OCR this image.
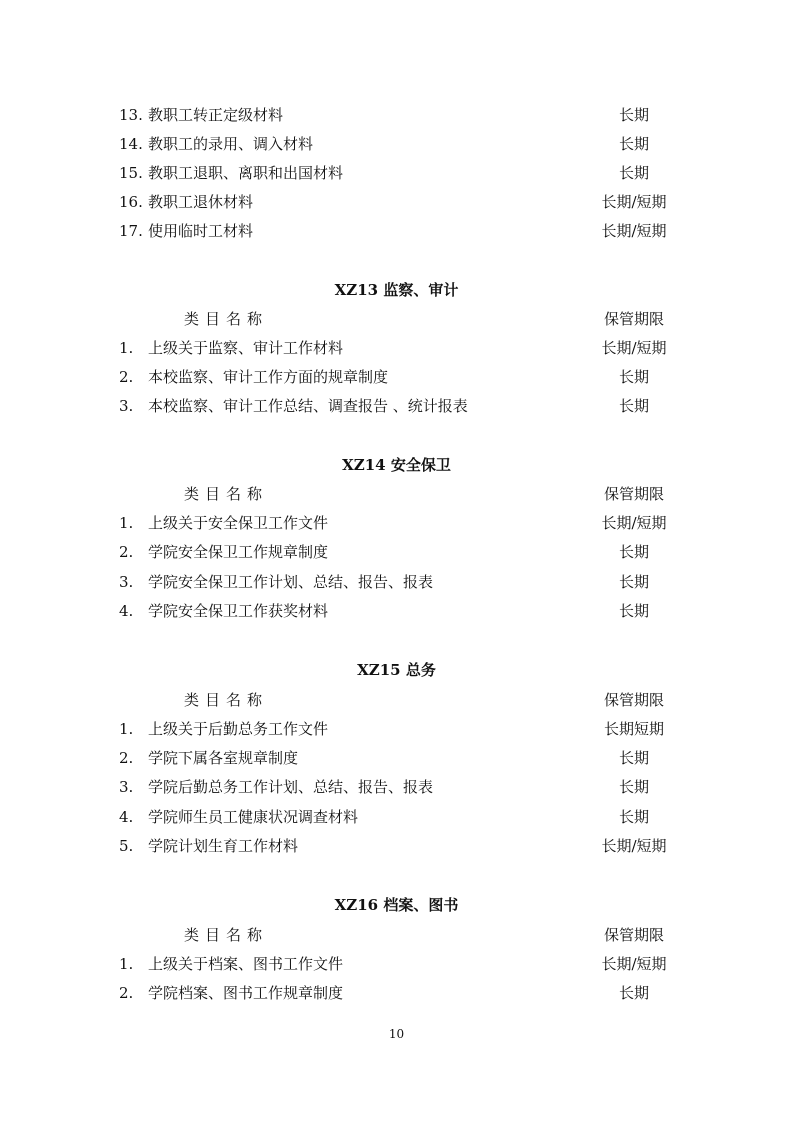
13. 教职工转正定级材料	长期
14. 教职工的录用、调入材料	长期
15. 教职工退职、离职和出国材料	长期
16. 教职工退休材料	长期/短期
17. 使用临时工材料	长期/短期
XZ13 监察、审计
类目名称	保管期限
1. 上级关于监察、审计工作材料	长期/短期
2. 本校监察、审计工作方面的规章制度	长期
3. 本校监察、审计工作总结、调查报告 、统计报表	长期
XZ14 安全保卫
类目名称	保管期限
1. 上级关于安全保卫工作文件	长期/短期
2. 学院安全保卫工作规章制度	长期
3. 学院安全保卫工作计划、总结、报告、报表	长期
4. 学院安全保卫工作获奖材料	长期
XZ15 总务
类目名称	保管期限
1. 上级关于后勤总务工作文件	长期短期
2. 学院下属各室规章制度	长期
3. 学院后勤总务工作计划、总结、报告、报表	长期
4. 学院师生员工健康状况调查材料	长期
5. 学院计划生育工作材料	长期/短期
XZ16 档案、图书
类目名称	保管期限
1. 上级关于档案、图书工作文件	长期/短期
2. 学院档案、图书工作规章制度	长期
10
